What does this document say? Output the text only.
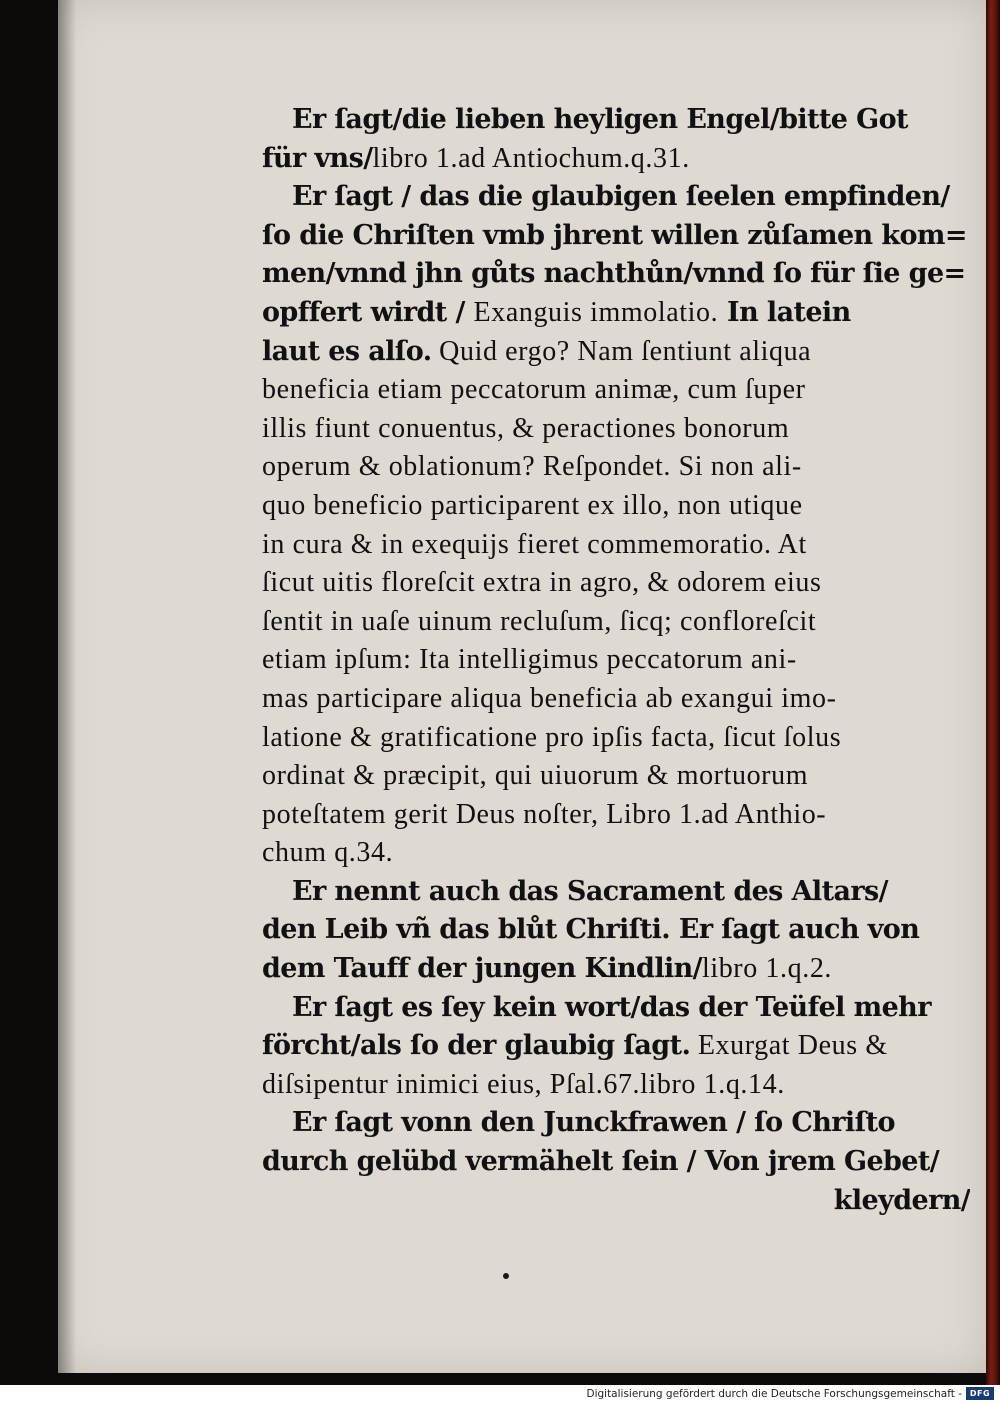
Er ſagt/die lieben heyligen Engel/bitte Got
für vns/libro 1.ad Antiochum.q.31.
Er ſagt / das die glaubigen ſeelen empfinden/
ſo die Chriſten vmb jhrent willen zůſamen kom=
men/vnnd jhn gůts nachthůn/vnnd ſo für ſie ge=
opffert wirdt / Exanguis immolatio. In latein
laut es alſo. Quid ergo? Nam ſentiunt aliqua
beneficia etiam peccatorum animæ, cum ſuper
illis fiunt conuentus, & peractiones bonorum
operum & oblationum? Reſpondet. Si non ali-
quo beneficio participarent ex illo, non utique
in cura & in exequijs fieret commemoratio. At
ſicut uitis floreſcit extra in agro, & odorem eius
ſentit in uaſe uinum recluſum, ſicq; confloreſcit
etiam ipſum: Ita intelligimus peccatorum ani-
mas participare aliqua beneficia ab exangui imo-
latione & gratificatione pro ipſis facta, ſicut ſolus
ordinat & præcipit, qui uiuorum & mortuorum
poteſtatem gerit Deus noſter, Libro 1.ad Anthio-
chum q.34.
Er nennt auch das Sacrament des Altars/
den Leib vñ das blůt Chriſti. Er ſagt auch von
dem Tauff der jungen Kindlin/libro 1.q.2.
Er ſagt es ſey kein wort/das der Teüfel mehr
förcht/als ſo der glaubig ſagt. Exurgat Deus &
diſsipentur inimici eius, Pſal.67.libro 1.q.14.
Er ſagt vonn den Junckfrawen / ſo Chriſto
durch gelübd vermähelt ſein / Von jrem Gebet/
kleydern/
Digitalisierung gefördert durch die Deutsche Forschungsgemeinschaft - DFG
